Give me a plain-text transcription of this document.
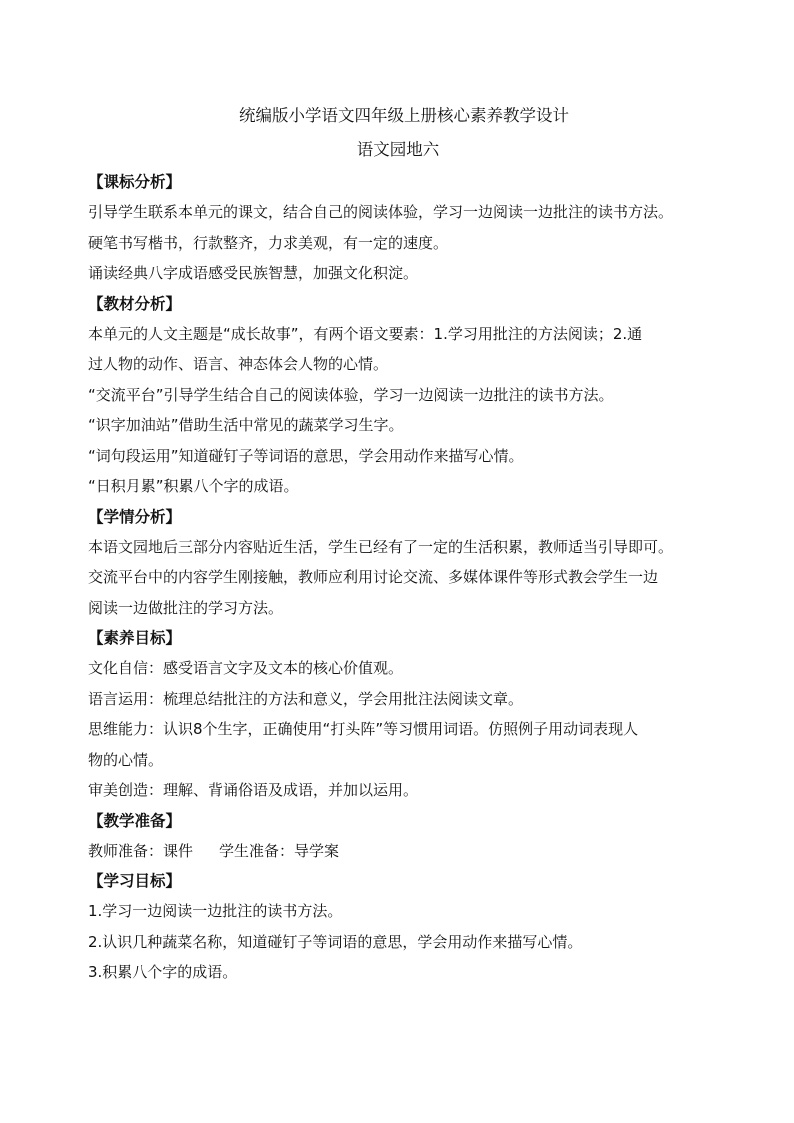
统编版小学语文四年级上册核心素养教学设计
语文园地六
【课标分析】
引导学生联系本单元的课文，结合自己的阅读体验，学习一边阅读一边批注的读书方法。
硬笔书写楷书，行款整齐，力求美观，有一定的速度。
诵读经典八字成语感受民族智慧，加强文化积淀。
【教材分析】
本单元的人文主题是“成长故事”，有两个语文要素：1.学习用批注的方法阅读；2.通
过人物的动作、语言、神态体会人物的心情。
“交流平台”引导学生结合自己的阅读体验，学习一边阅读一边批注的读书方法。
“识字加油站”借助生活中常见的蔬菜学习生字。
“词句段运用”知道碰钉子等词语的意思，学会用动作来描写心情。
“日积月累”积累八个字的成语。
【学情分析】
本语文园地后三部分内容贴近生活，学生已经有了一定的生活积累，教师适当引导即可。
交流平台中的内容学生刚接触，教师应利用讨论交流、多媒体课件等形式教会学生一边
阅读一边做批注的学习方法。
【素养目标】
文化自信：感受语言文字及文本的核心价值观。
语言运用：梳理总结批注的方法和意义，学会用批注法阅读文章。
思维能力：认识8个生字，正确使用“打头阵”等习惯用词语。仿照例子用动词表现人
物的心情。
审美创造：理解、背诵俗语及成语，并加以运用。
【教学准备】
教师准备：课件 学生准备：导学案
【学习目标】
1.学习一边阅读一边批注的读书方法。
2.认识几种蔬菜名称，知道碰钉子等词语的意思，学会用动作来描写心情。
3.积累八个字的成语。
